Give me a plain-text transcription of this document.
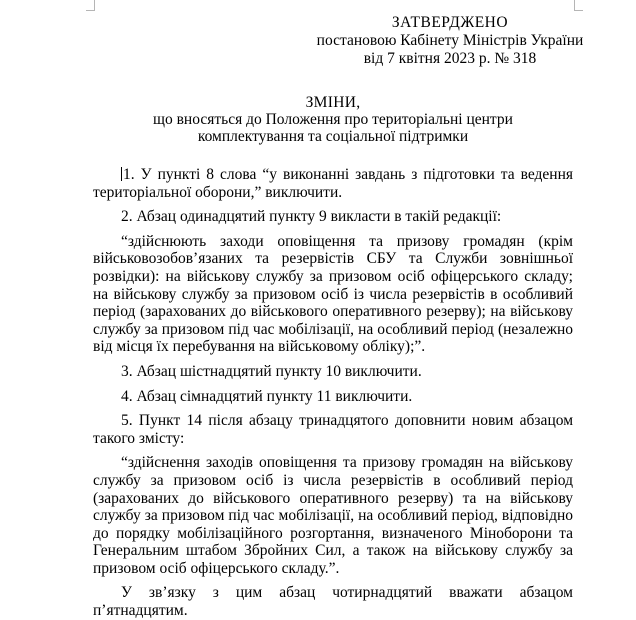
ЗАТВЕРДЖЕНО
постановою Кабінету Міністрів України
від 7 квітня 2023 р. № 318
ЗМІНИ,
що вносяться до Положення про територіальні центри
комплектування та соціальної підтримки

1. У пункті 8 слова “у виконанні завдань з підготовки та ведення територіальної оборони,” виключити.

2. Абзац одинадцятий пункту 9 викласти в такій редакції:

“здійснюють заходи оповіщення та призову громадян (крім військовозобов’язаних та резервістів СБУ та Служби зовнішньої розвідки): на військову службу за призовом осіб офіцерського складу; на військову службу за призовом осіб із числа резервістів в особливий період (зарахованих до військового оперативного резерву); на військову службу за призовом під час мобілізації, на особливий період (незалежно від місця їх перебування на військовому обліку);”.

3. Абзац шістнадцятий пункту 10 виключити.

4. Абзац сімнадцятий пункту 11 виключити.

5. Пункт 14 після абзацу тринадцятого доповнити новим абзацом такого змісту:

“здійснення заходів оповіщення та призову громадян на військову службу за призовом осіб із числа резервістів в особливий період (зарахованих до військового оперативного резерву) та на військову службу за призовом під час мобілізації, на особливий період, відповідно до порядку мобілізаційного розгортання, визначеного Міноборони та Генеральним штабом Збройних Сил, а також на військову службу за призовом осіб офіцерського складу.”.

У зв’язку з цим абзац чотирнадцятий вважати абзацом п’ятнадцятим.
